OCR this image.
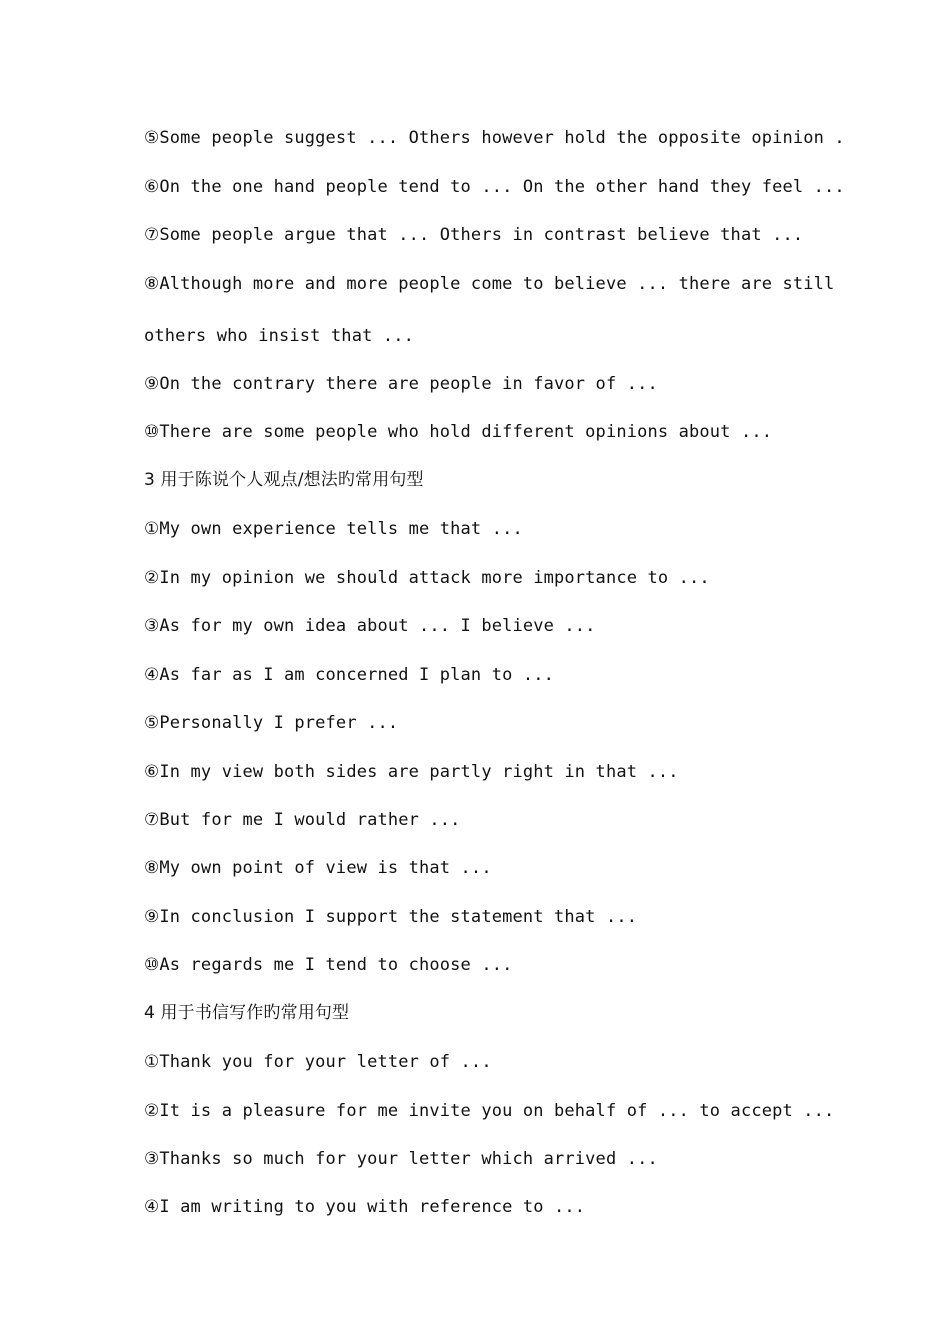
⑤Some people suggest ... Others however hold the opposite opinion .
⑥On the one hand people tend to ... On the other hand they feel ...
⑦Some people argue that ... Others in contrast believe that ...
⑧Although more and more people come to believe ... there are still
others who insist that ...
⑨On the contrary there are people in favor of ...
⑩There are some people who hold different opinions about ...
3 用于陈说个人观点/想法旳常用句型
①My own experience tells me that ...
②In my opinion we should attack more importance to ...
③As for my own idea about ... I believe ...
④As far as I am concerned I plan to ...
⑤Personally I prefer ...
⑥In my view both sides are partly right in that ...
⑦But for me I would rather ...
⑧My own point of view is that ...
⑨In conclusion I support the statement that ...
⑩As regards me I tend to choose ...
4 用于书信写作旳常用句型
①Thank you for your letter of ...
②It is a pleasure for me invite you on behalf of ... to accept ...
③Thanks so much for your letter which arrived ...
④I am writing to you with reference to ...
